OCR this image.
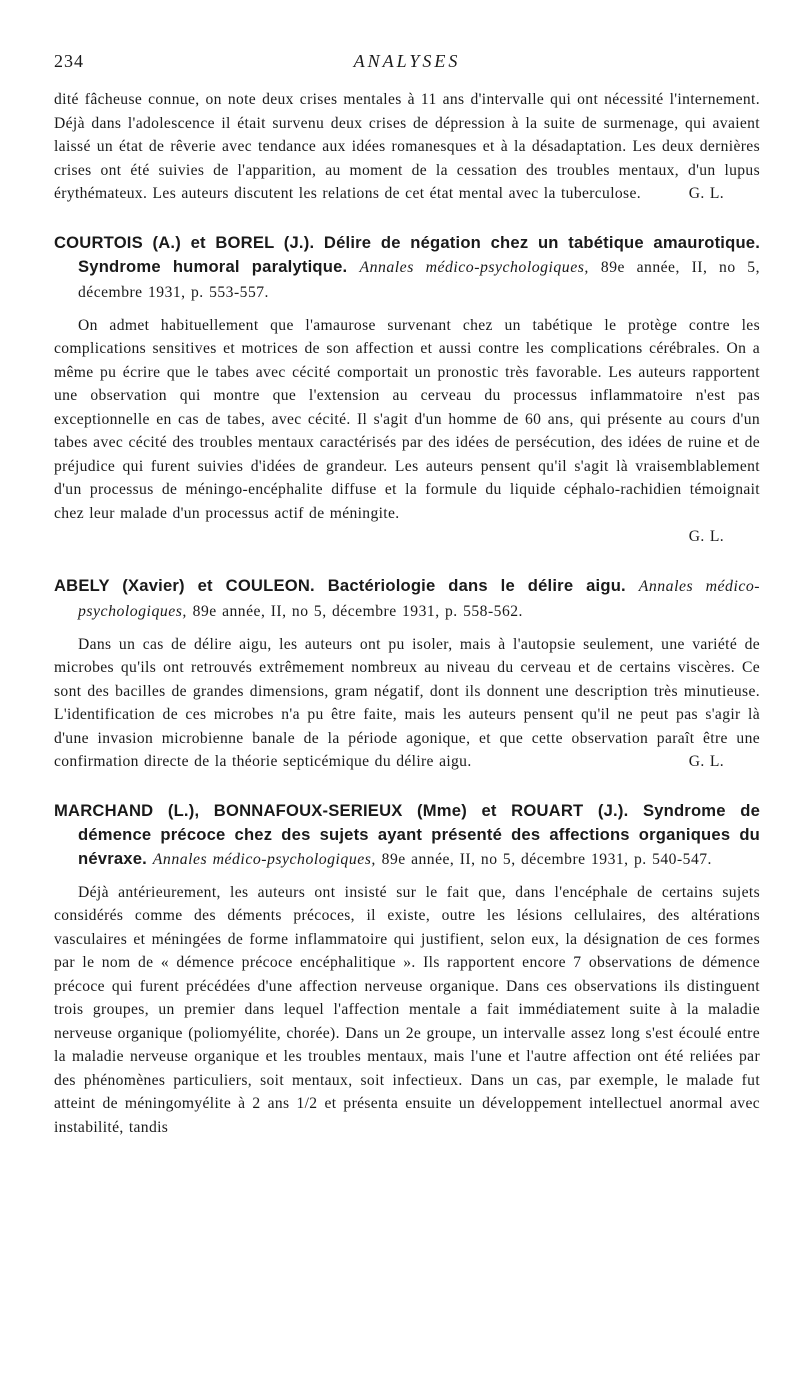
234	ANALYSES

dité fâcheuse connue, on note deux crises mentales à 11 ans d'intervalle qui ont nécessité l'internement. Déjà dans l'adolescence il était survenu deux crises de dépression à la suite de surmenage, qui avaient laissé un état de rêverie avec tendance aux idées romanesques et à la désadaptation. Les deux dernières crises ont été suivies de l'apparition, au moment de la cessation des troubles mentaux, d'un lupus érythémateux. Les auteurs discutent les relations de cet état mental avec la tuberculose.	G. L.

COURTOIS (A.) et BOREL (J.). Délire de négation chez un tabétique amaurotique. Syndrome humoral paralytique. Annales médico-psychologiques, 89e année, II, no 5, décembre 1931, p. 553-557.

On admet habituellement que l'amaurose survenant chez un tabétique le protège contre les complications sensitives et motrices de son affection et aussi contre les complications cérébrales. On a même pu écrire que le tabes avec cécité comportait un pronostic très favorable. Les auteurs rapportent une observation qui montre que l'extension au cerveau du processus inflammatoire n'est pas exceptionnelle en cas de tabes, avec cécité. Il s'agit d'un homme de 60 ans, qui présente au cours d'un tabes avec cécité des troubles mentaux caractérisés par des idées de persécution, des idées de ruine et de préjudice qui furent suivies d'idées de grandeur. Les auteurs pensent qu'il s'agit là vraisemblablement d'un processus de méningo-encéphalite diffuse et la formule du liquide céphalo-rachidien témoignait chez leur malade d'un processus actif de méningite.

G. L.

ABELY (Xavier) et COULEON. Bactériologie dans le délire aigu. Annales médico-psychologiques, 89e année, II, no 5, décembre 1931, p. 558-562.

Dans un cas de délire aigu, les auteurs ont pu isoler, mais à l'autopsie seulement, une variété de microbes qu'ils ont retrouvés extrêmement nombreux au niveau du cerveau et de certains viscères. Ce sont des bacilles de grandes dimensions, gram négatif, dont ils donnent une description très minutieuse. L'identification de ces microbes n'a pu être faite, mais les auteurs pensent qu'il ne peut pas s'agir là d'une invasion microbienne banale de la période agonique, et que cette observation paraît être une confirmation directe de la théorie septicémique du délire aigu.	G. L.

MARCHAND (L.), BONNAFOUX-SERIEUX (Mme) et ROUART (J.). Syndrome de démence précoce chez des sujets ayant présenté des affections organiques du névraxe. Annales médico-psychologiques, 89e année, II, no 5, décembre 1931, p. 540-547.

Déjà antérieurement, les auteurs ont insisté sur le fait que, dans l'encéphale de certains sujets considérés comme des déments précoces, il existe, outre les lésions cellulaires, des altérations vasculaires et méningées de forme inflammatoire qui justifient, selon eux, la désignation de ces formes par le nom de « démence précoce encéphalitique ». Ils rapportent encore 7 observations de démence précoce qui furent précédées d'une affection nerveuse organique. Dans ces observations ils distinguent trois groupes, un premier dans lequel l'affection mentale a fait immédiatement suite à la maladie nerveuse organique (poliomyélite, chorée). Dans un 2e groupe, un intervalle assez long s'est écoulé entre la maladie nerveuse organique et les troubles mentaux, mais l'une et l'autre affection ont été reliées par des phénomènes particuliers, soit mentaux, soit infectieux. Dans un cas, par exemple, le malade fut atteint de méningomyélite à 2 ans 1/2 et présenta ensuite un développement intellectuel anormal avec instabilité, tandis
